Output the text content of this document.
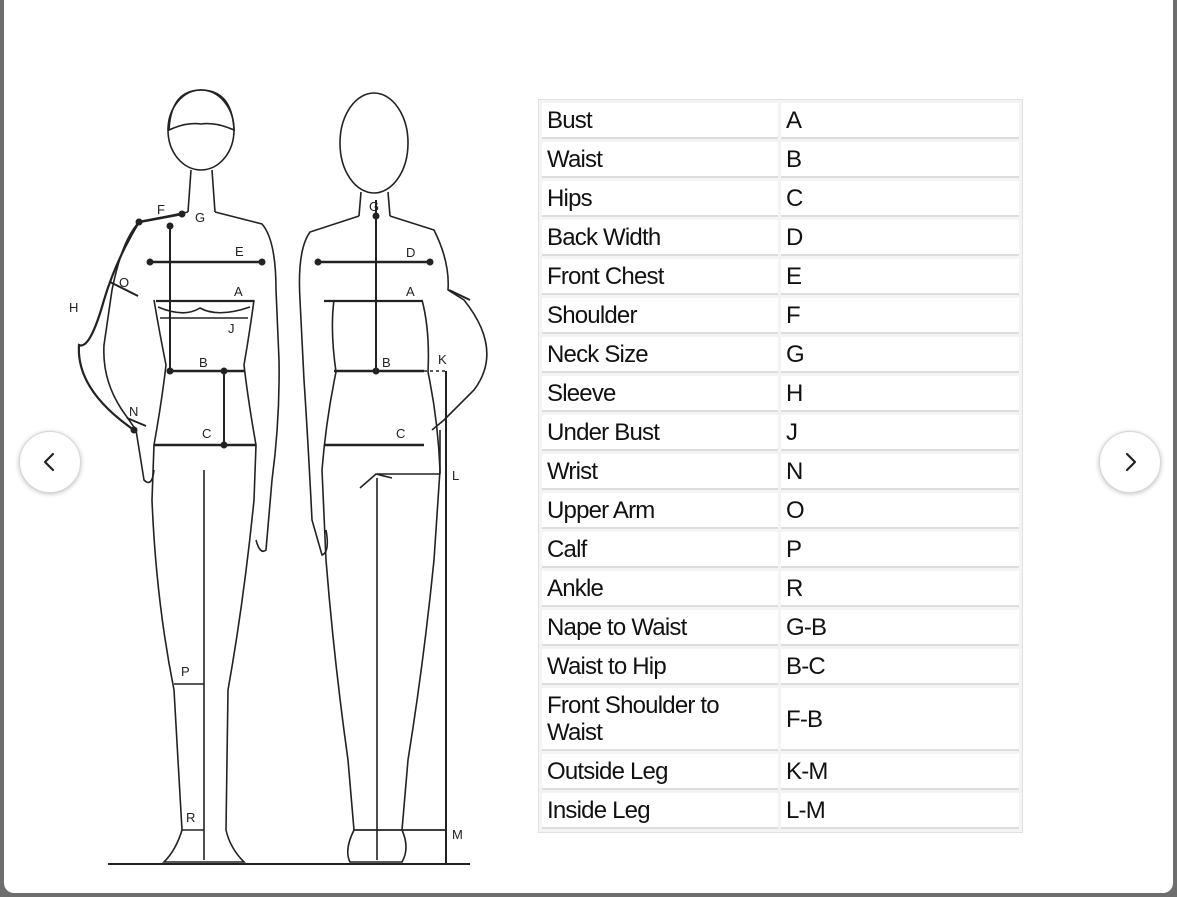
F
G
E
O
H
A
J
B
N
C
P
R
G
D
A
B	K
C
L
M
Bust	A
Waist	B
Hips	C
Back Width	D
Front Chest	E
Shoulder	F
Neck Size	G
Sleeve	H
Under Bust	J
Wrist	N
Upper Arm	O
Calf	P
Ankle	R
Nape to Waist	G-B
Waist to Hip	B-C
Front Shoulder to Waist	F-B
Outside Leg	K-M
Inside Leg	L-M
